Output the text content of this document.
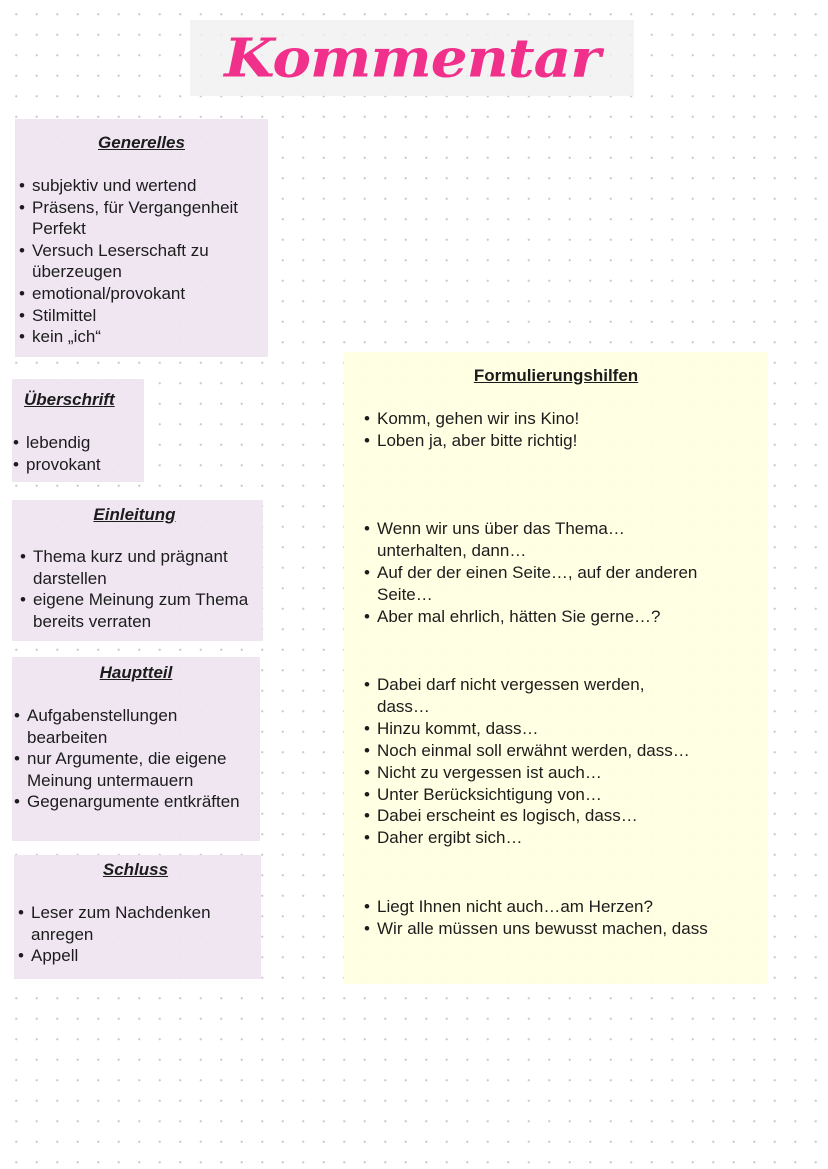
Kommentar
Generelles
• subjektiv und wertend
• Präsens, für Vergangenheit Perfekt
• Versuch Leserschaft zu überzeugen
• emotional/provokant
• Stilmittel
• kein „ich“
Überschrift
• lebendig
• provokant
Einleitung
• Thema kurz und prägnant darstellen
• eigene Meinung zum Thema bereits verraten
Hauptteil
• Aufgabenstellungen bearbeiten
• nur Argumente, die eigene Meinung untermauern
• Gegenargumente entkräften
Schluss
• Leser zum Nachdenken anregen
• Appell
Formulierungshilfen
• Komm, gehen wir ins Kino!
• Loben ja, aber bitte richtig!
• Wenn wir uns über das Thema… unterhalten, dann…
• Auf der der einen Seite…, auf der anderen Seite…
• Aber mal ehrlich, hätten Sie gerne…?
• Dabei darf nicht vergessen werden, dass…
• Hinzu kommt, dass…
• Noch einmal soll erwähnt werden, dass…
• Nicht zu vergessen ist auch…
• Unter Berücksichtigung von…
• Dabei erscheint es logisch, dass…
• Daher ergibt sich…
• Liegt Ihnen nicht auch…am Herzen?
• Wir alle müssen uns bewusst machen, dass
